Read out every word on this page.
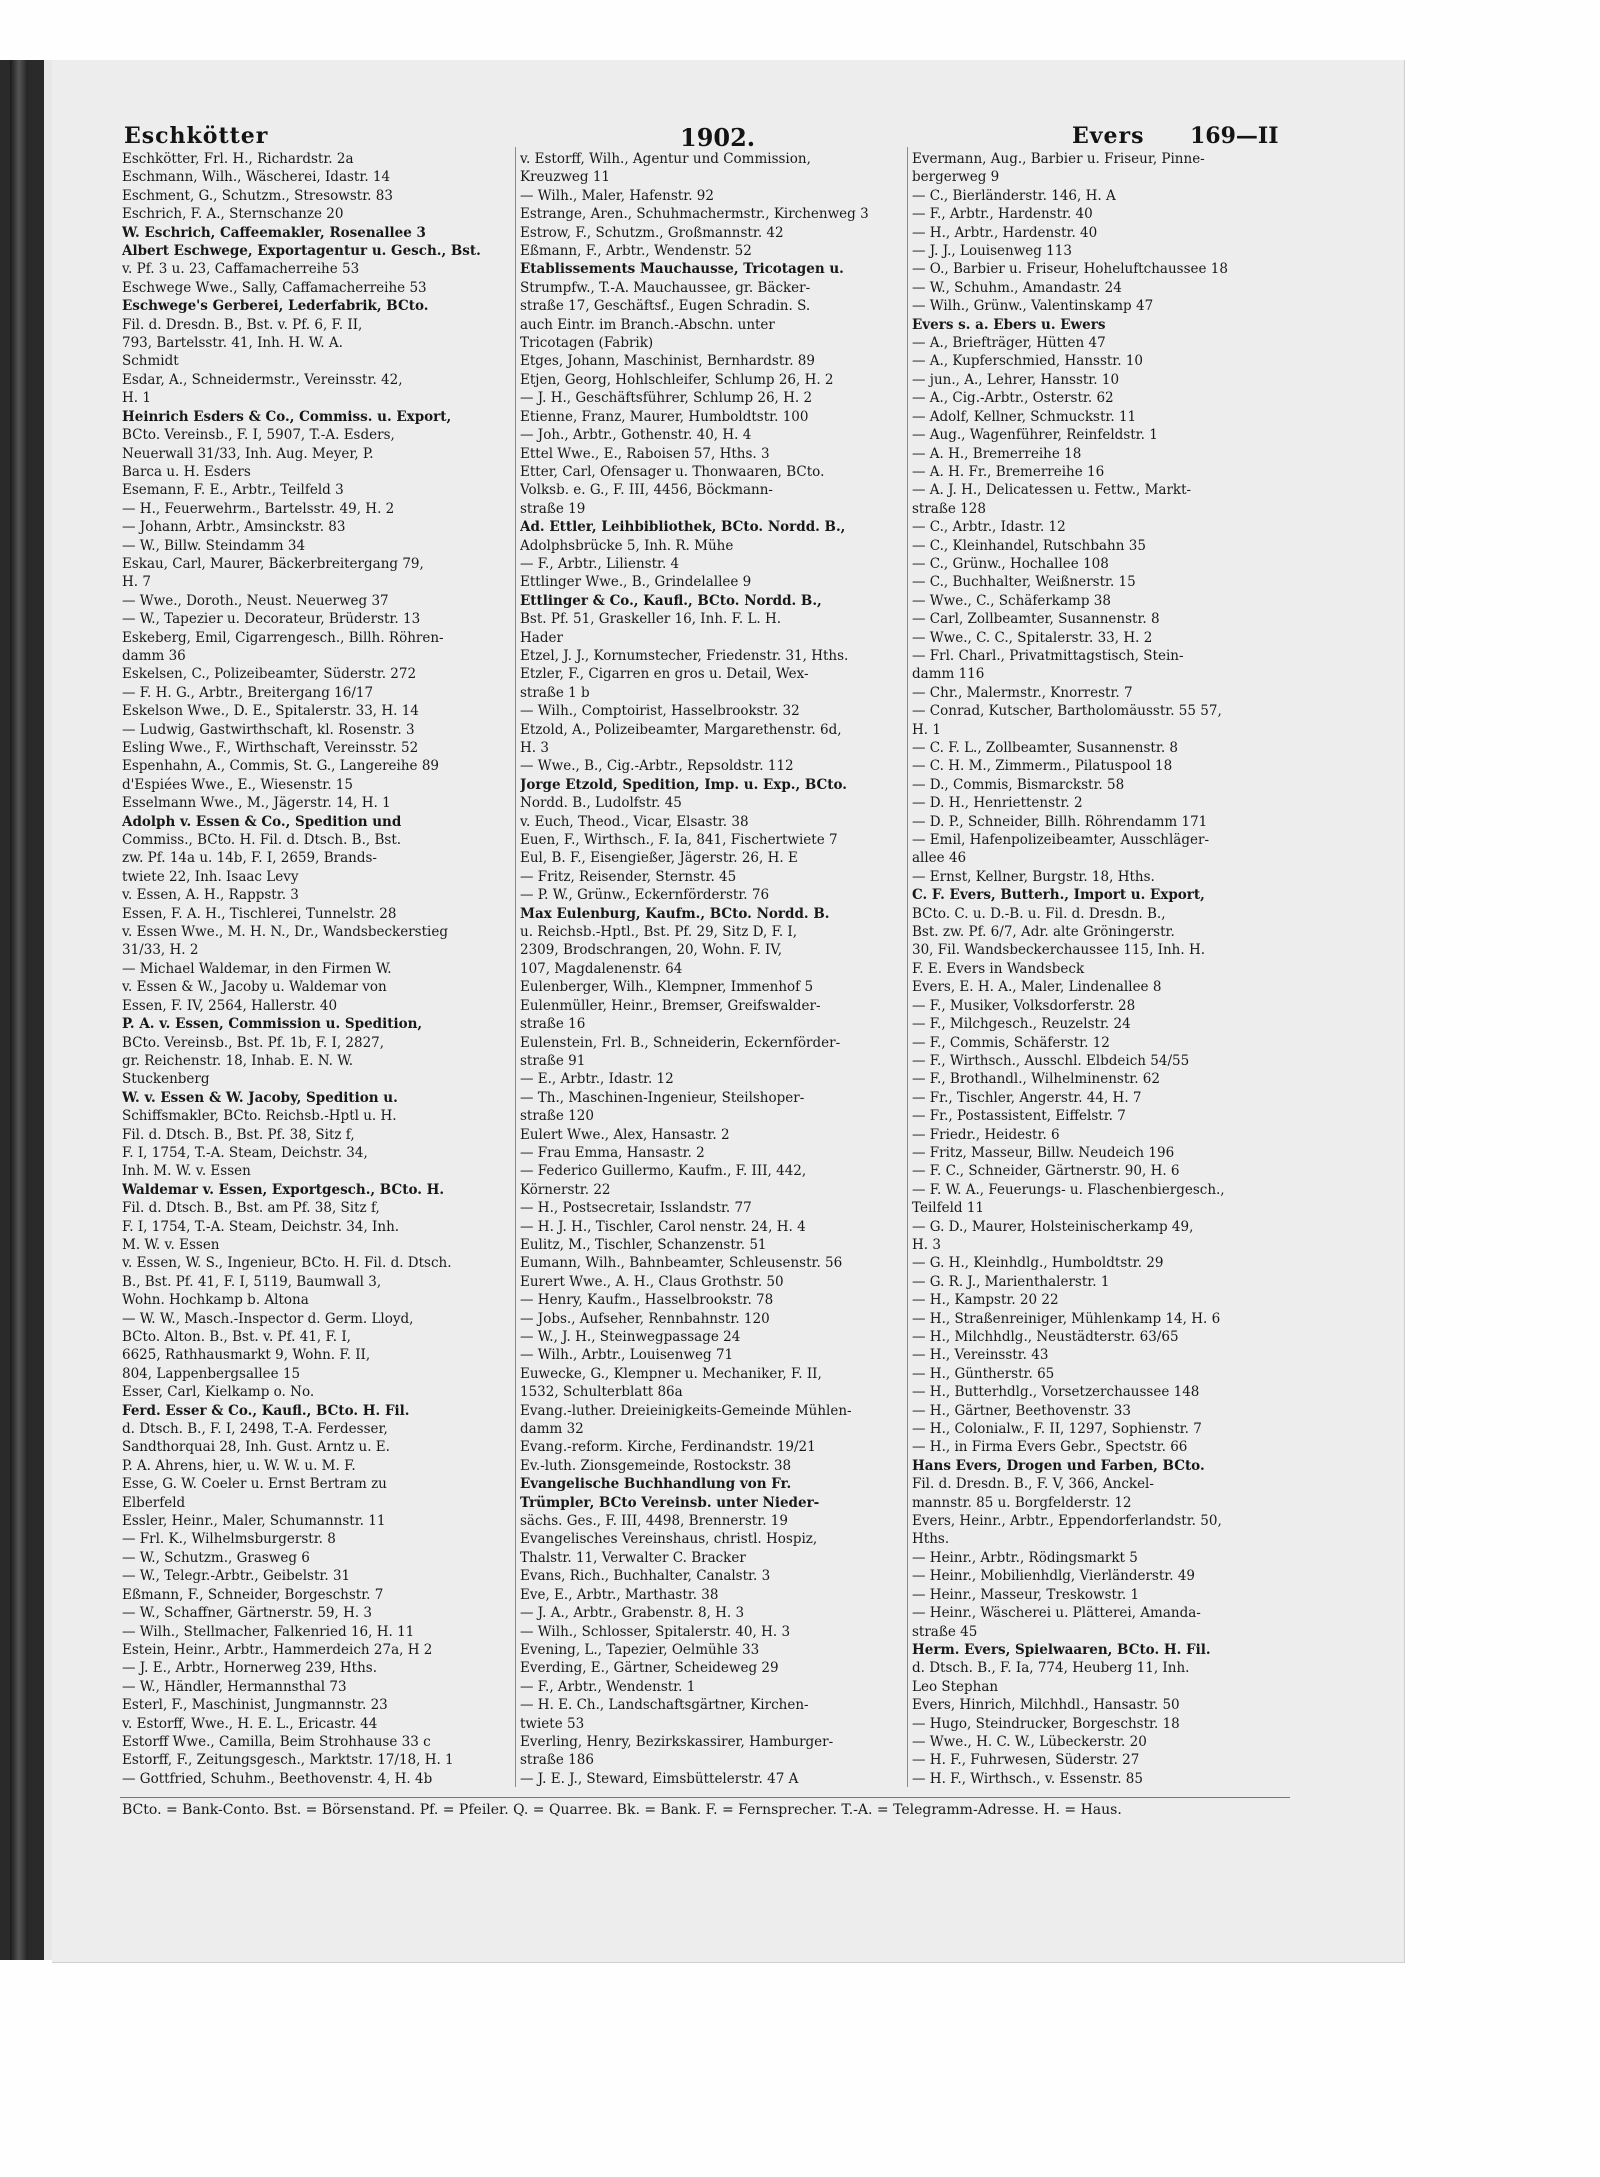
Eschkötter	1902.	Evers 169—II
Eschkötter, Frl. H., Richardstr. 2a
Eschmann, Wilh., Wäscherei, Idastr. 14
Eschment, G., Schutzm., Stresowstr. 83
Eschrich, F. A., Sternschanze 20
W. Eschrich, Caffeemakler, Rosenallee 3
Albert Eschwege, Exportagentur u. Gesch., Bst.
v. Pf. 3 u. 23, Caffamacherreihe 53
Eschwege Wwe., Sally, Caffamacherreihe 53
Eschwege's Gerberei, Lederfabrik, BCto.
Fil. d. Dresdn. B., Bst. v. Pf. 6, F. II,
793, Bartelsstr. 41, Inh. H. W. A.
Schmidt
Esdar, A., Schneidermstr., Vereinsstr. 42,
H. 1
Heinrich Esders & Co., Commiss. u. Export,
BCto. Vereinsb., F. I, 5907, T.-A. Esders,
Neuerwall 31/33, Inh. Aug. Meyer, P.
Barca u. H. Esders
Esemann, F. E., Arbtr., Teilfeld 3
— H., Feuerwehrm., Bartelsstr. 49, H. 2
— Johann, Arbtr., Amsinckstr. 83
— W., Billw. Steindamm 34
Eskau, Carl, Maurer, Bäckerbreitergang 79,
H. 7
— Wwe., Doroth., Neust. Neuerweg 37
— W., Tapezier u. Decorateur, Brüderstr. 13
Eskeberg, Emil, Cigarrengesch., Billh. Röhren-
damm 36
Eskelsen, C., Polizeibeamter, Süderstr. 272
— F. H. G., Arbtr., Breitergang 16/17
Eskelson Wwe., D. E., Spitalerstr. 33, H. 14
— Ludwig, Gastwirthschaft, kl. Rosenstr. 3
Esling Wwe., F., Wirthschaft, Vereinsstr. 52
Espenhahn, A., Commis, St. G., Langereihe 89
d'Espiées Wwe., E., Wiesenstr. 15
Esselmann Wwe., M., Jägerstr. 14, H. 1
Adolph v. Essen & Co., Spedition und
Commiss., BCto. H. Fil. d. Dtsch. B., Bst.
zw. Pf. 14a u. 14b, F. I, 2659, Brands-
twiete 22, Inh. Isaac Levy
v. Essen, A. H., Rappstr. 3
Essen, F. A. H., Tischlerei, Tunnelstr. 28
v. Essen Wwe., M. H. N., Dr., Wandsbeckerstieg
31/33, H. 2
— Michael Waldemar, in den Firmen W.
v. Essen & W., Jacoby u. Waldemar von
Essen, F. IV, 2564, Hallerstr. 40
P. A. v. Essen, Commission u. Spedition,
BCto. Vereinsb., Bst. Pf. 1b, F. I, 2827,
gr. Reichenstr. 18, Inhab. E. N. W.
Stuckenberg
W. v. Essen & W. Jacoby, Spedition u.
Schiffsmakler, BCto. Reichsb.-Hptl u. H.
Fil. d. Dtsch. B., Bst. Pf. 38, Sitz f,
F. I, 1754, T.-A. Steam, Deichstr. 34,
Inh. M. W. v. Essen
Waldemar v. Essen, Exportgesch., BCto. H.
Fil. d. Dtsch. B., Bst. am Pf. 38, Sitz f,
F. I, 1754, T.-A. Steam, Deichstr. 34, Inh.
M. W. v. Essen
v. Essen, W. S., Ingenieur, BCto. H. Fil. d. Dtsch.
B., Bst. Pf. 41, F. I, 5119, Baumwall 3,
Wohn. Hochkamp b. Altona
— W. W., Masch.-Inspector d. Germ. Lloyd,
BCto. Alton. B., Bst. v. Pf. 41, F. I,
6625, Rathhausmarkt 9, Wohn. F. II,
804, Lappenbergsallee 15
Esser, Carl, Kielkamp o. No.
Ferd. Esser & Co., Kaufl., BCto. H. Fil.
d. Dtsch. B., F. I, 2498, T.-A. Ferdesser,
Sandthorquai 28, Inh. Gust. Arntz u. E.
P. A. Ahrens, hier, u. W. W. u. M. F.
Esse, G. W. Coeler u. Ernst Bertram zu
Elberfeld
Essler, Heinr., Maler, Schumannstr. 11
— Frl. K., Wilhelmsburgerstr. 8
— W., Schutzm., Grasweg 6
— W., Telegr.-Arbtr., Geibelstr. 31
Eßmann, F., Schneider, Borgeschstr. 7
— W., Schaffner, Gärtnerstr. 59, H. 3
— Wilh., Stellmacher, Falkenried 16, H. 11
Estein, Heinr., Arbtr., Hammerdeich 27a, H 2
— J. E., Arbtr., Hornerweg 239, Hths.
— W., Händler, Hermannsthal 73
Esterl, F., Maschinist, Jungmannstr. 23
v. Estorff, Wwe., H. E. L., Ericastr. 44
Estorff Wwe., Camilla, Beim Strohhause 33 c
Estorff, F., Zeitungsgesch., Marktstr. 17/18, H. 1
— Gottfried, Schuhm., Beethovenstr. 4, H. 4b
v. Estorff, Wilh., Agentur und Commission,
Kreuzweg 11
— Wilh., Maler, Hafenstr. 92
Estrange, Aren., Schuhmachermstr., Kirchenweg 3
Estrow, F., Schutzm., Großmannstr. 42
Eßmann, F., Arbtr., Wendenstr. 52
Etablissements Mauchausse, Tricotagen u.
Strumpfw., T.-A. Mauchaussee, gr. Bäcker-
straße 17, Geschäftsf., Eugen Schradin. S.
auch Eintr. im Branch.-Abschn. unter
Tricotagen (Fabrik)
Etges, Johann, Maschinist, Bernhardstr. 89
Etjen, Georg, Hohlschleifer, Schlump 26, H. 2
— J. H., Geschäftsführer, Schlump 26, H. 2
Etienne, Franz, Maurer, Humboldtstr. 100
— Joh., Arbtr., Gothenstr. 40, H. 4
Ettel Wwe., E., Raboisen 57, Hths. 3
Etter, Carl, Ofensager u. Thonwaaren, BCto.
Volksb. e. G., F. III, 4456, Böckmann-
straße 19
Ad. Ettler, Leihbibliothek, BCto. Nordd. B.,
Adolphsbrücke 5, Inh. R. Mühe
— F., Arbtr., Lilienstr. 4
Ettlinger Wwe., B., Grindelallee 9
Ettlinger & Co., Kaufl., BCto. Nordd. B.,
Bst. Pf. 51, Graskeller 16, Inh. F. L. H.
Hader
Etzel, J. J., Kornumstecher, Friedenstr. 31, Hths.
Etzler, F., Cigarren en gros u. Detail, Wex-
straße 1 b
— Wilh., Comptoirist, Hasselbrookstr. 32
Etzold, A., Polizeibeamter, Margarethenstr. 6d,
H. 3
— Wwe., B., Cig.-Arbtr., Repsoldstr. 112
Jorge Etzold, Spedition, Imp. u. Exp., BCto.
Nordd. B., Ludolfstr. 45
v. Euch, Theod., Vicar, Elsastr. 38
Euen, F., Wirthsch., F. Ia, 841, Fischertwiete 7
Eul, B. F., Eisengießer, Jägerstr. 26, H. E
— Fritz, Reisender, Sternstr. 45
— P. W., Grünw., Eckernförderstr. 76
Max Eulenburg, Kaufm., BCto. Nordd. B.
u. Reichsb.-Hptl., Bst. Pf. 29, Sitz D, F. I,
2309, Brodschrangen, 20, Wohn. F. IV,
107, Magdalenenstr. 64
Eulenberger, Wilh., Klempner, Immenhof 5
Eulenmüller, Heinr., Bremser, Greifswalder-
straße 16
Eulenstein, Frl. B., Schneiderin, Eckernförder-
straße 91
— E., Arbtr., Idastr. 12
— Th., Maschinen-Ingenieur, Steilshoper-
straße 120
Eulert Wwe., Alex, Hansastr. 2
— Frau Emma, Hansastr. 2
— Federico Guillermo, Kaufm., F. III, 442,
Körnerstr. 22
— H., Postsecretair, Isslandstr. 77
— H. J. H., Tischler, Carol nenstr. 24, H. 4
Eulitz, M., Tischler, Schanzenstr. 51
Eumann, Wilh., Bahnbeamter, Schleusenstr. 56
Eurert Wwe., A. H., Claus Grothstr. 50
— Henry, Kaufm., Hasselbrookstr. 78
— Jobs., Aufseher, Rennbahnstr. 120
— W., J. H., Steinwegpassage 24
— Wilh., Arbtr., Louisenweg 71
Euwecke, G., Klempner u. Mechaniker, F. II,
1532, Schulterblatt 86a
Evang.-luther. Dreieinigkeits-Gemeinde Mühlen-
damm 32
Evang.-reform. Kirche, Ferdinandstr. 19/21
Ev.-luth. Zionsgemeinde, Rostockstr. 38
Evangelische Buchhandlung von Fr.
Trümpler, BCto Vereinsb. unter Nieder-
sächs. Ges., F. III, 4498, Brennerstr. 19
Evangelisches Vereinshaus, christl. Hospiz,
Thalstr. 11, Verwalter C. Bracker
Evans, Rich., Buchhalter, Canalstr. 3
Eve, E., Arbtr., Marthastr. 38
— J. A., Arbtr., Grabenstr. 8, H. 3
— Wilh., Schlosser, Spitalerstr. 40, H. 3
Evening, L., Tapezier, Oelmühle 33
Everding, E., Gärtner, Scheideweg 29
— F., Arbtr., Wendenstr. 1
— H. E. Ch., Landschaftsgärtner, Kirchen-
twiete 53
Everling, Henry, Bezirkskassirer, Hamburger-
straße 186
— J. E. J., Steward, Eimsbüttelerstr. 47 A
Evermann, Aug., Barbier u. Friseur, Pinne-
bergerweg 9
— C., Bierländerstr. 146, H. A
— F., Arbtr., Hardenstr. 40
— H., Arbtr., Hardenstr. 40
— J. J., Louisenweg 113
— O., Barbier u. Friseur, Hoheluftchaussee 18
— W., Schuhm., Amandastr. 24
— Wilh., Grünw., Valentinskamp 47
Evers s. a. Ebers u. Ewers
— A., Briefträger, Hütten 47
— A., Kupferschmied, Hansstr. 10
— jun., A., Lehrer, Hansstr. 10
— A., Cig.-Arbtr., Osterstr. 62
— Adolf, Kellner, Schmuckstr. 11
— Aug., Wagenführer, Reinfeldstr. 1
— A. H., Bremerreihe 18
— A. H. Fr., Bremerreihe 16
— A. J. H., Delicatessen u. Fettw., Markt-
straße 128
— C., Arbtr., Idastr. 12
— C., Kleinhandel, Rutschbahn 35
— C., Grünw., Hochallee 108
— C., Buchhalter, Weißnerstr. 15
— Wwe., C., Schäferkamp 38
— Carl, Zollbeamter, Susannenstr. 8
— Wwe., C. C., Spitalerstr. 33, H. 2
— Frl. Charl., Privatmittagstisch, Stein-
damm 116
— Chr., Malermstr., Knorrestr. 7
— Conrad, Kutscher, Bartholomäusstr. 55 57,
H. 1
— C. F. L., Zollbeamter, Susannenstr. 8
— C. H. M., Zimmerm., Pilatuspool 18
— D., Commis, Bismarckstr. 58
— D. H., Henriettenstr. 2
— D. P., Schneider, Billh. Röhrendamm 171
— Emil, Hafenpolizeibeamter, Ausschläger-
allee 46
— Ernst, Kellner, Burgstr. 18, Hths.
C. F. Evers, Butterh., Import u. Export,
BCto. C. u. D.-B. u. Fil. d. Dresdn. B.,
Bst. zw. Pf. 6/7, Adr. alte Gröningerstr.
30, Fil. Wandsbeckerchaussee 115, Inh. H.
F. E. Evers in Wandsbeck
Evers, E. H. A., Maler, Lindenallee 8
— F., Musiker, Volksdorferstr. 28
— F., Milchgesch., Reuzelstr. 24
— F., Commis, Schäferstr. 12
— F., Wirthsch., Ausschl. Elbdeich 54/55
— F., Brothandl., Wilhelminenstr. 62
— Fr., Tischler, Angerstr. 44, H. 7
— Fr., Postassistent, Eiffelstr. 7
— Friedr., Heidestr. 6
— Fritz, Masseur, Billw. Neudeich 196
— F. C., Schneider, Gärtnerstr. 90, H. 6
— F. W. A., Feuerungs- u. Flaschenbiergesch.,
Teilfeld 11
— G. D., Maurer, Holsteinischerkamp 49,
H. 3
— G. H., Kleinhdlg., Humboldtstr. 29
— G. R. J., Marienthalerstr. 1
— H., Kampstr. 20 22
— H., Straßenreiniger, Mühlenkamp 14, H. 6
— H., Milchhdlg., Neustädterstr. 63/65
— H., Vereinsstr. 43
— H., Güntherstr. 65
— H., Butterhdlg., Vorsetzerchaussee 148
— H., Gärtner, Beethovenstr. 33
— H., Colonialw., F. II, 1297, Sophienstr. 7
— H., in Firma Evers Gebr., Spectstr. 66
Hans Evers, Drogen und Farben, BCto.
Fil. d. Dresdn. B., F. V, 366, Anckel-
mannstr. 85 u. Borgfelderstr. 12
Evers, Heinr., Arbtr., Eppendorferlandstr. 50,
Hths.
— Heinr., Arbtr., Rödingsmarkt 5
— Heinr., Mobilienhdlg, Vierländerstr. 49
— Heinr., Masseur, Treskowstr. 1
— Heinr., Wäscherei u. Plätterei, Amanda-
straße 45
Herm. Evers, Spielwaaren, BCto. H. Fil.
d. Dtsch. B., F. Ia, 774, Heuberg 11, Inh.
Leo Stephan
Evers, Hinrich, Milchhdl., Hansastr. 50
— Hugo, Steindrucker, Borgeschstr. 18
— Wwe., H. C. W., Lübeckerstr. 20
— H. F., Fuhrwesen, Süderstr. 27
— H. F., Wirthsch., v. Essenstr. 85
BCto. = Bank-Conto. Bst. = Börsenstand. Pf. = Pfeiler. Q. = Quarree. Bk. = Bank. F. = Fernsprecher. T.-A. = Telegramm-Adresse. H. = Haus.
